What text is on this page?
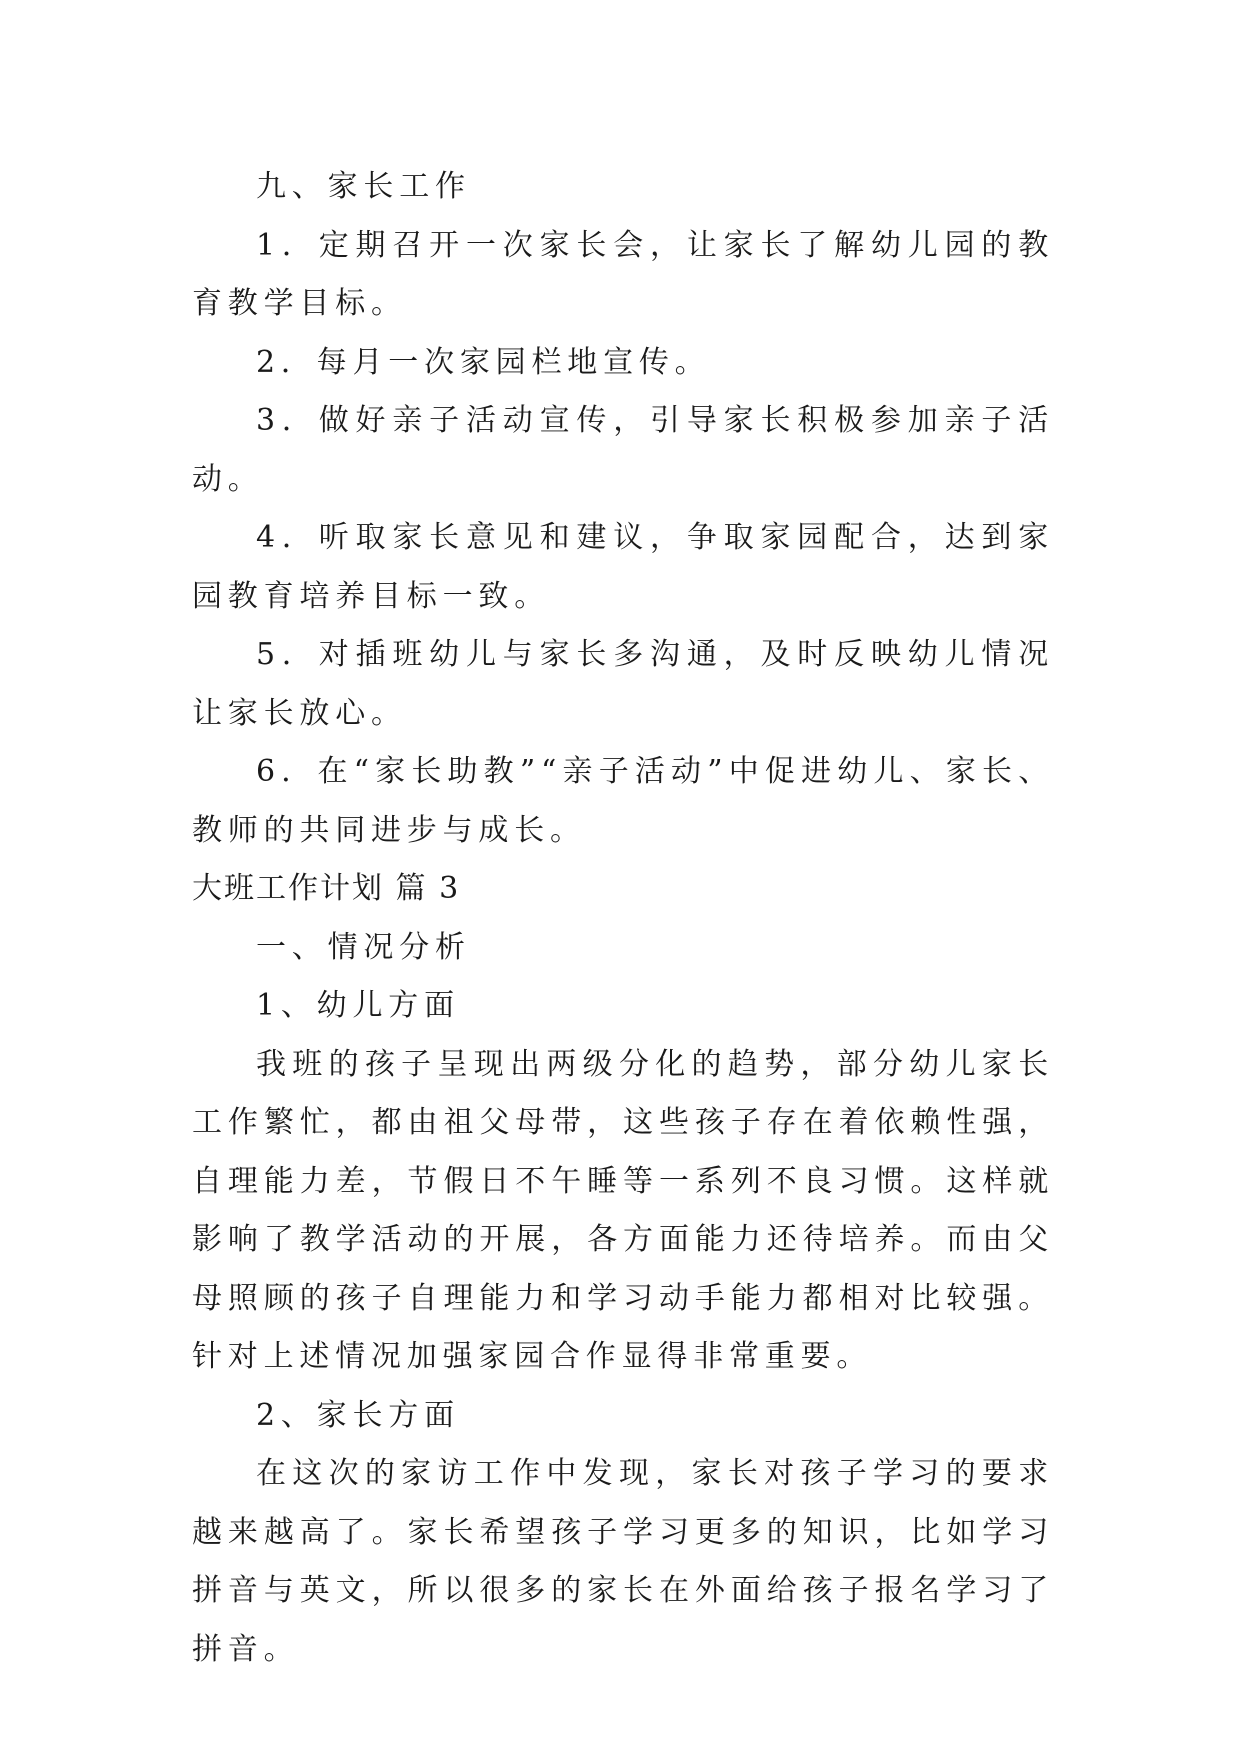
九、家长工作

1．定期召开一次家长会，让家长了解幼儿园的教育教学目标。

2．每月一次家园栏地宣传。

3．做好亲子活动宣传，引导家长积极参加亲子活动。

4．听取家长意见和建议，争取家园配合，达到家园教育培养目标一致。

5．对插班幼儿与家长多沟通，及时反映幼儿情况让家长放心。

6．在“家长助教”“亲子活动”中促进幼儿、家长、教师的共同进步与成长。

大班工作计划 篇 3

一、情况分析

1、幼儿方面

我班的孩子呈现出两级分化的趋势，部分幼儿家长工作繁忙，都由祖父母带，这些孩子存在着依赖性强，自理能力差，节假日不午睡等一系列不良习惯。这样就影响了教学活动的开展，各方面能力还待培养。而由父母照顾的孩子自理能力和学习动手能力都相对比较强。针对上述情况加强家园合作显得非常重要。

2、家长方面

在这次的家访工作中发现，家长对孩子学习的要求越来越高了。家长希望孩子学习更多的知识，比如学习拼音与英文，所以很多的家长在外面给孩子报名学习了拼音。
